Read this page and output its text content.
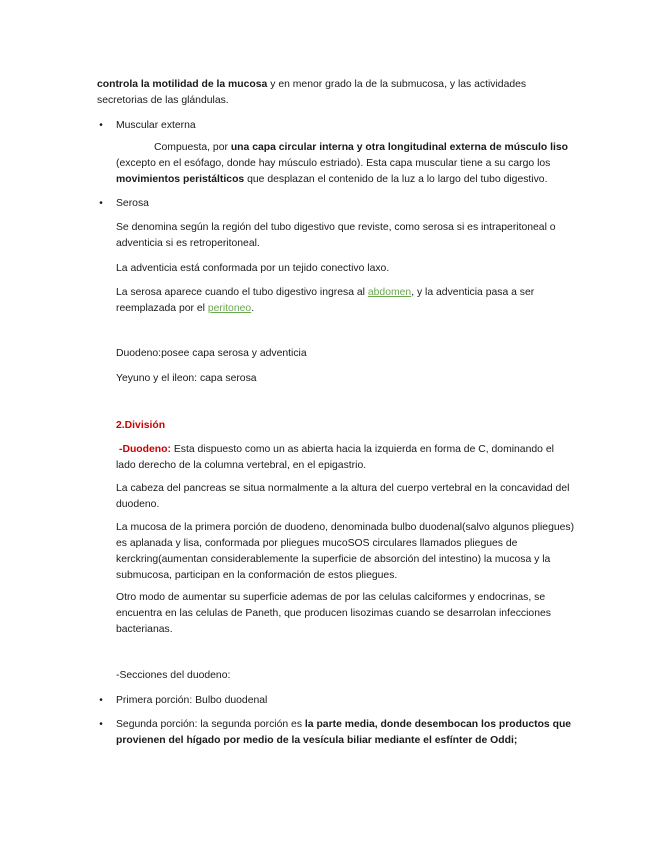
controla la motilidad de la mucosa y en menor grado la de la submucosa, y las actividades secretorias de las glándulas.

• Muscular externa

Compuesta, por una capa circular interna y otra longitudinal externa de músculo liso (excepto en el esófago, donde hay músculo estriado). Esta capa muscular tiene a su cargo los movimientos peristálticos que desplazan el contenido de la luz a lo largo del tubo digestivo.

• Serosa

Se denomina según la región del tubo digestivo que reviste, como serosa si es intraperitoneal o adventicia si es retroperitoneal.

La adventicia está conformada por un tejido conectivo laxo.

La serosa aparece cuando el tubo digestivo ingresa al abdomen, y la adventicia pasa a ser reemplazada por el peritoneo.

Duodeno:posee capa serosa y adventicia

Yeyuno y el ileon: capa serosa

2.División

-Duodeno: Esta dispuesto como un as abierta hacia la izquierda en forma de C, dominando el lado derecho de la columna vertebral, en el epigastrio.

La cabeza del pancreas se situa normalmente a la altura del cuerpo vertebral en la concavidad del duodeno.

La mucosa de la primera porción de duodeno, denominada bulbo duodenal(salvo algunos pliegues) es aplanada y lisa, conformada por pliegues mucoSOS circulares llamados pliegues de kerckring(aumentan considerablemente la superficie de absorción del intestino) la mucosa y la submucosa, participan en la conformación de estos pliegues.

Otro modo de aumentar su superficie ademas de por las celulas calciformes y endocrinas, se encuentra en las celulas de Paneth, que producen lisozimas cuando se desarrolan infecciones bacterianas.

-Secciones del duodeno:

• Primera porción: Bulbo duodenal

• Segunda porción: la segunda porción es la parte media, donde desembocan los productos que provienen del hígado por medio de la vesícula biliar mediante el esfínter de Oddi;
